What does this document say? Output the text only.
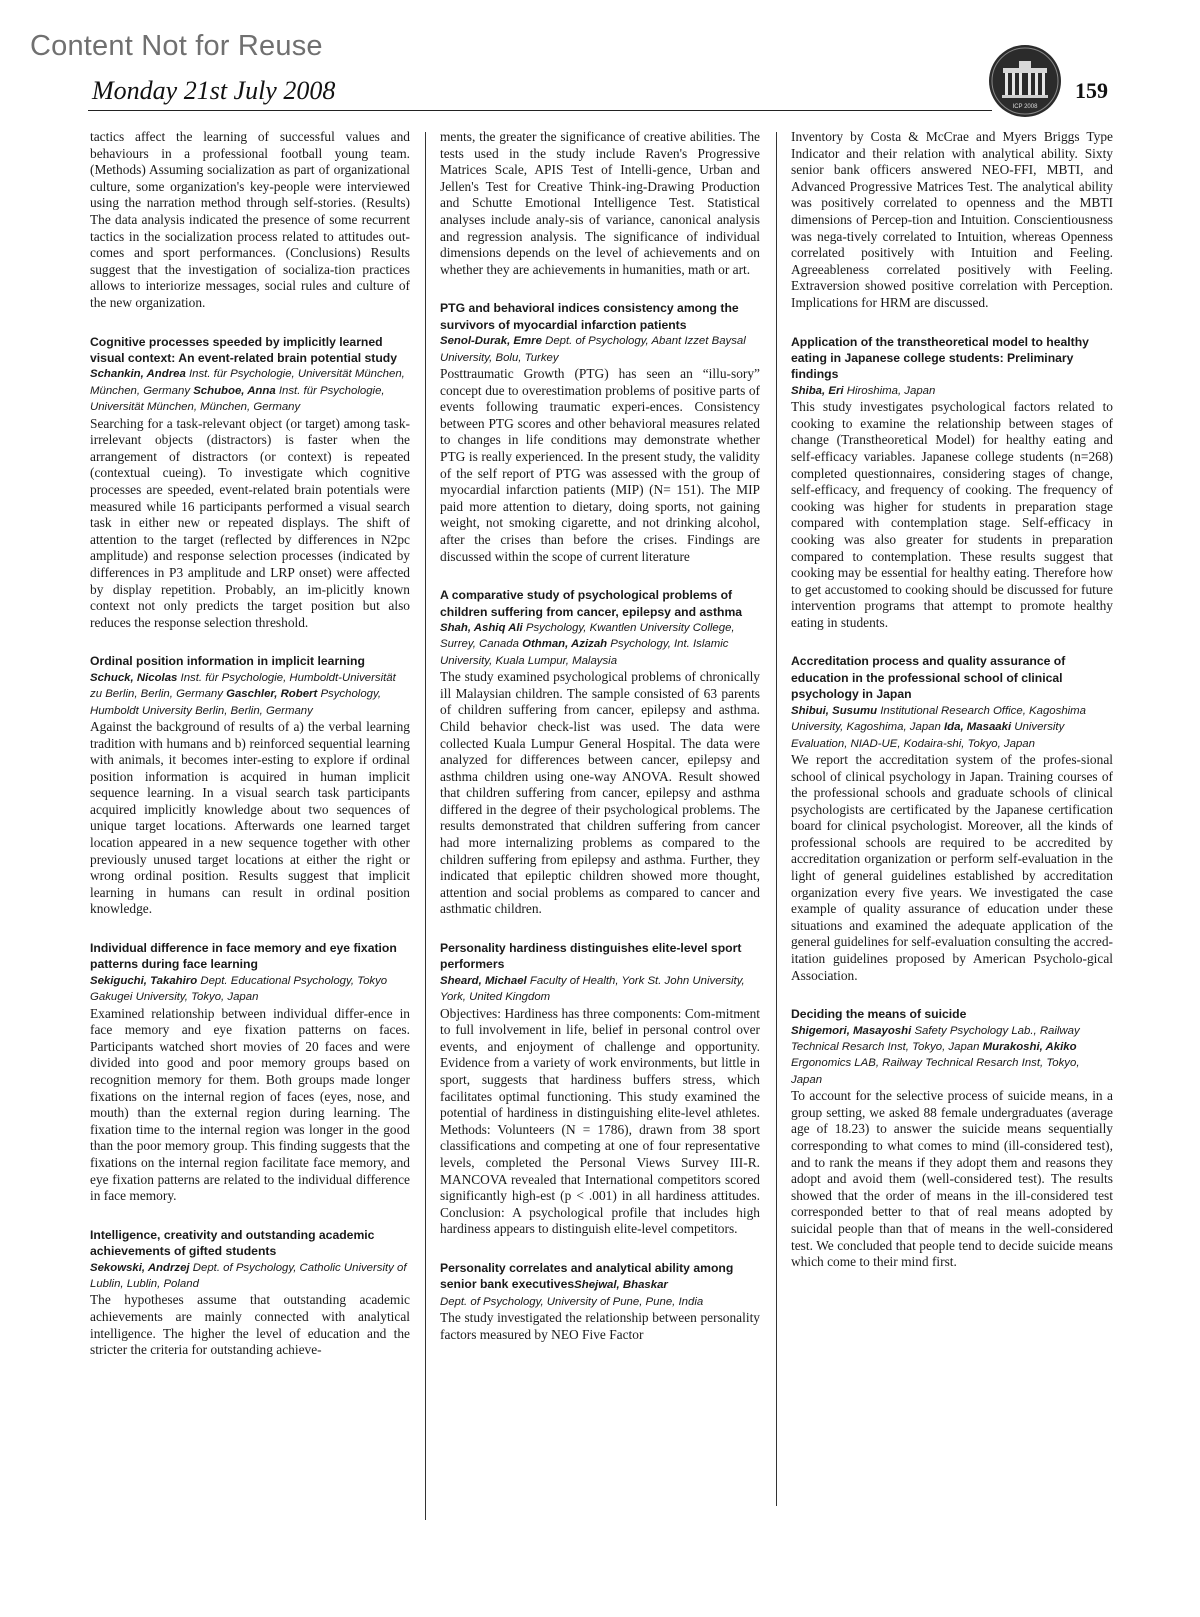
Content Not for Reuse
Monday 21st July 2008
ICP 2008
159

tactics affect the learning of successful values and behaviours in a professional football young team. (Methods) Assuming socialization as part of organizational culture, some organization's key-people were interviewed using the narration method through self-stories. (Results) The data analysis indicated the presence of some recurrent tactics in the socialization process related to attitudes out-comes and sport performances. (Conclusions) Results suggest that the investigation of socializa-tion practices allows to interiorize messages, social rules and culture of the new organization.

Cognitive processes speeded by implicitly learned visual context: An event-related brain potential study

Schankin, Andrea Inst. für Psychologie, Universität München, München, Germany Schuboe, Anna Inst. für Psychologie, Universität München, München, Germany

Searching for a task-relevant object (or target) among task-irrelevant objects (distractors) is faster when the arrangement of distractors (or context) is repeated (contextual cueing). To investigate which cognitive processes are speeded, event-related brain potentials were measured while 16 participants performed a visual search task in either new or repeated displays. The shift of attention to the target (reflected by differences in N2pc amplitude) and response selection processes (indicated by differences in P3 amplitude and LRP onset) were affected by display repetition. Probably, an im-plicitly known context not only predicts the target position but also reduces the response selection threshold.

Ordinal position information in implicit learning

Schuck, Nicolas Inst. für Psychologie, Humboldt-Universität zu Berlin, Berlin, Germany Gaschler, Robert Psychology, Humboldt University Berlin, Berlin, Germany

Against the background of results of a) the verbal learning tradition with humans and b) reinforced sequential learning with animals, it becomes inter-esting to explore if ordinal position information is acquired in human implicit sequence learning. In a visual search task participants acquired implicitly knowledge about two sequences of unique target locations. Afterwards one learned target location appeared in a new sequence together with other previously unused target locations at either the right or wrong ordinal position. Results suggest that implicit learning in humans can result in ordinal position knowledge.

Individual difference in face memory and eye fixation patterns during face learning

Sekiguchi, Takahiro Dept. Educational Psychology, Tokyo Gakugei University, Tokyo, Japan

Examined relationship between individual differ-ence in face memory and eye fixation patterns on faces. Participants watched short movies of 20 faces and were divided into good and poor memory groups based on recognition memory for them. Both groups made longer fixations on the internal region of faces (eyes, nose, and mouth) than the external region during learning. The fixation time to the internal region was longer in the good than the poor memory group. This finding suggests that the fixations on the internal region facilitate face memory, and eye fixation patterns are related to the individual difference in face memory.

Intelligence, creativity and outstanding academic achievements of gifted students

Sekowski, Andrzej Dept. of Psychology, Catholic University of Lublin, Lublin, Poland

The hypotheses assume that outstanding academic achievements are mainly connected with analytical intelligence. The higher the level of education and the stricter the criteria for outstanding achieve-

ments, the greater the significance of creative abilities. The tests used in the study include Raven's Progressive Matrices Scale, APIS Test of Intelli-gence, Urban and Jellen's Test for Creative Think-ing-Drawing Production and Schutte Emotional Intelligence Test. Statistical analyses include analy-sis of variance, canonical analysis and regression analysis. The significance of individual dimensions depends on the level of achievements and on whether they are achievements in humanities, math or art.

PTG and behavioral indices consistency among the survivors of myocardial infarction patients

Senol-Durak, Emre Dept. of Psychology, Abant Izzet Baysal University, Bolu, Turkey

Posttraumatic Growth (PTG) has seen an “illu-sory” concept due to overestimation problems of positive parts of events following traumatic experi-ences. Consistency between PTG scores and other behavioral measures related to changes in life conditions may demonstrate whether PTG is really experienced. In the present study, the validity of the self report of PTG was assessed with the group of myocardial infarction patients (MIP) (N= 151). The MIP paid more attention to dietary, doing sports, not gaining weight, not smoking cigarette, and not drinking alcohol, after the crises than before the crises. Findings are discussed within the scope of current literature

A comparative study of psychological problems of children suffering from cancer, epilepsy and asthma

Shah, Ashiq Ali Psychology, Kwantlen University College, Surrey, Canada Othman, Azizah Psychology, Int. Islamic University, Kuala Lumpur, Malaysia

The study examined psychological problems of chronically ill Malaysian children. The sample consisted of 63 parents of children suffering from cancer, epilepsy and asthma. Child behavior check-list was used. The data were collected Kuala Lumpur General Hospital. The data were analyzed for differences between cancer, epilepsy and asthma children using one-way ANOVA. Result showed that children suffering from cancer, epilepsy and asthma differed in the degree of their psychological problems. The results demonstrated that children suffering from cancer had more internalizing problems as compared to the children suffering from epilepsy and asthma. Further, they indicated that epileptic children showed more thought, attention and social problems as compared to cancer and asthmatic children.

Personality hardiness distinguishes elite-level sport performers

Sheard, Michael Faculty of Health, York St. John University, York, United Kingdom

Objectives: Hardiness has three components: Com-mitment to full involvement in life, belief in personal control over events, and enjoyment of challenge and opportunity. Evidence from a variety of work environments, but little in sport, suggests that hardiness buffers stress, which facilitates optimal functioning. This study examined the potential of hardiness in distinguishing elite-level athletes. Methods: Volunteers (N = 1786), drawn from 38 sport classifications and competing at one of four representative levels, completed the Personal Views Survey III-R. MANCOVA revealed that International competitors scored significantly high-est (p < .001) in all hardiness attitudes. Conclusion: A psychological profile that includes high hardiness appears to distinguish elite-level competitors.

Personality correlates and analytical ability among senior bank executivesShejwal, Bhaskar

Dept. of Psychology, University of Pune, Pune, India

The study investigated the relationship between personality factors measured by NEO Five Factor

Inventory by Costa & McCrae and Myers Briggs Type Indicator and their relation with analytical ability. Sixty senior bank officers answered NEO-FFI, MBTI, and Advanced Progressive Matrices Test. The analytical ability was positively correlated to openness and the MBTI dimensions of Percep-tion and Intuition. Conscientiousness was nega-tively correlated to Intuition, whereas Openness correlated positively with Intuition and Feeling. Agreeableness correlated positively with Feeling. Extraversion showed positive correlation with Perception. Implications for HRM are discussed.

Application of the transtheoretical model to healthy eating in Japanese college students: Preliminary findings

Shiba, Eri Hiroshima, Japan

This study investigates psychological factors related to cooking to examine the relationship between stages of change (Transtheoretical Model) for healthy eating and self-efficacy variables. Japanese college students (n=268) completed questionnaires, considering stages of change, self-efficacy, and frequency of cooking. The frequency of cooking was higher for students in preparation stage compared with contemplation stage. Self-efficacy in cooking was also greater for students in preparation compared to contemplation. These results suggest that cooking may be essential for healthy eating. Therefore how to get accustomed to cooking should be discussed for future intervention programs that attempt to promote healthy eating in students.

Accreditation process and quality assurance of education in the professional school of clinical psychology in Japan

Shibui, Susumu Institutional Research Office, Kagoshima University, Kagoshima, Japan Ida, Masaaki University Evaluation, NIAD-UE, Kodaira-shi, Tokyo, Japan

We report the accreditation system of the profes-sional school of clinical psychology in Japan. Training courses of the professional schools and graduate schools of clinical psychologists are certificated by the Japanese certification board for clinical psychologist. Moreover, all the kinds of professional schools are required to be accredited by accreditation organization or perform self-evaluation in the light of general guidelines established by accreditation organization every five years. We investigated the case example of quality assurance of education under these situations and examined the adequate application of the general guidelines for self-evaluation consulting the accred-itation guidelines proposed by American Psycholo-gical Association.

Deciding the means of suicide

Shigemori, Masayoshi Safety Psychology Lab., Railway Technical Resarch Inst, Tokyo, Japan Murakoshi, Akiko Ergonomics LAB, Railway Technical Resarch Inst, Tokyo, Japan

To account for the selective process of suicide means, in a group setting, we asked 88 female undergraduates (average age of 18.23) to answer the suicide means sequentially corresponding to what comes to mind (ill-considered test), and to rank the means if they adopt them and reasons they adopt and avoid them (well-considered test). The results showed that the order of means in the ill-considered test corresponded better to that of real means adopted by suicidal people than that of means in the well-considered test. We concluded that people tend to decide suicide means which come to their mind first.
